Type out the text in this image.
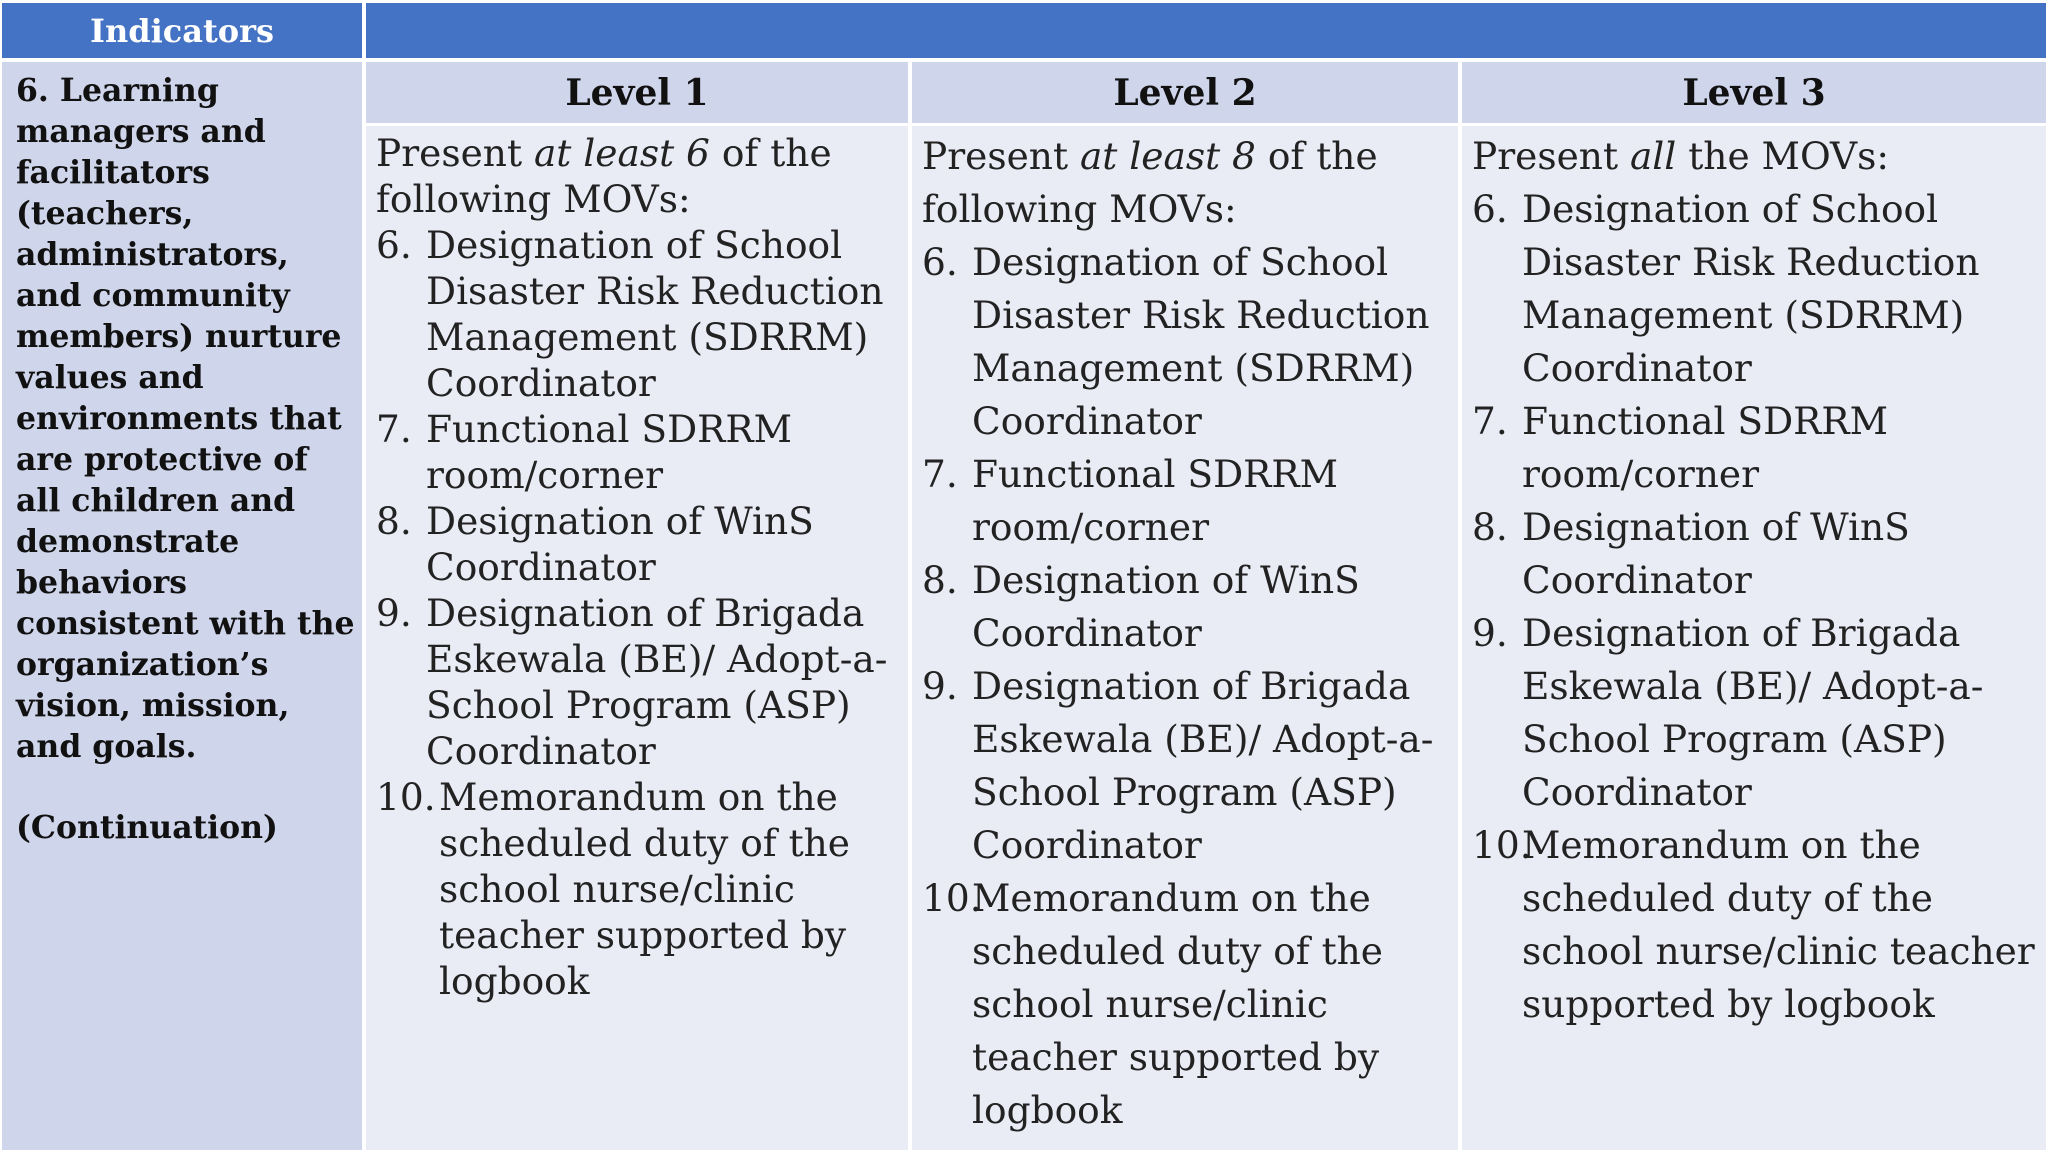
Indicators

6. Learning managers and facilitators (teachers, administrators, and community members) nurture values and environments that are protective of all children and demonstrate behaviors consistent with the organization’s vision, mission, and goals.

(Continuation)

Level 1	Level 2	Level 3

Present at least 6 of the following MOVs:

6. Designation of School Disaster Risk Reduction Management (SDRRM) Coordinator
7. Functional SDRRM room/corner
8. Designation of WinS Coordinator
9. Designation of Brigada Eskewala (BE)/ Adopt-a-School Program (ASP) Coordinator
10. Memorandum on the scheduled duty of the school nurse/clinic teacher supported by logbook

Present at least 8 of the following MOVs:

6. Designation of School Disaster Risk Reduction Management (SDRRM) Coordinator
7. Functional SDRRM room/corner
8. Designation of WinS Coordinator
9. Designation of Brigada Eskewala (BE)/ Adopt-a-School Program (ASP) Coordinator
10.
Memorandum on the scheduled duty of the school nurse/clinic teacher supported by logbook

Present all the MOVs:

6. Designation of School Disaster Risk Reduction Management (SDRRM) Coordinator
7. Functional SDRRM room/corner
8. Designation of WinS Coordinator
9. Designation of Brigada Eskewala (BE)/ Adopt-a-School Program (ASP) Coordinator
10.
Memorandum on the scheduled duty of the school nurse/clinic teacher supported by logbook
